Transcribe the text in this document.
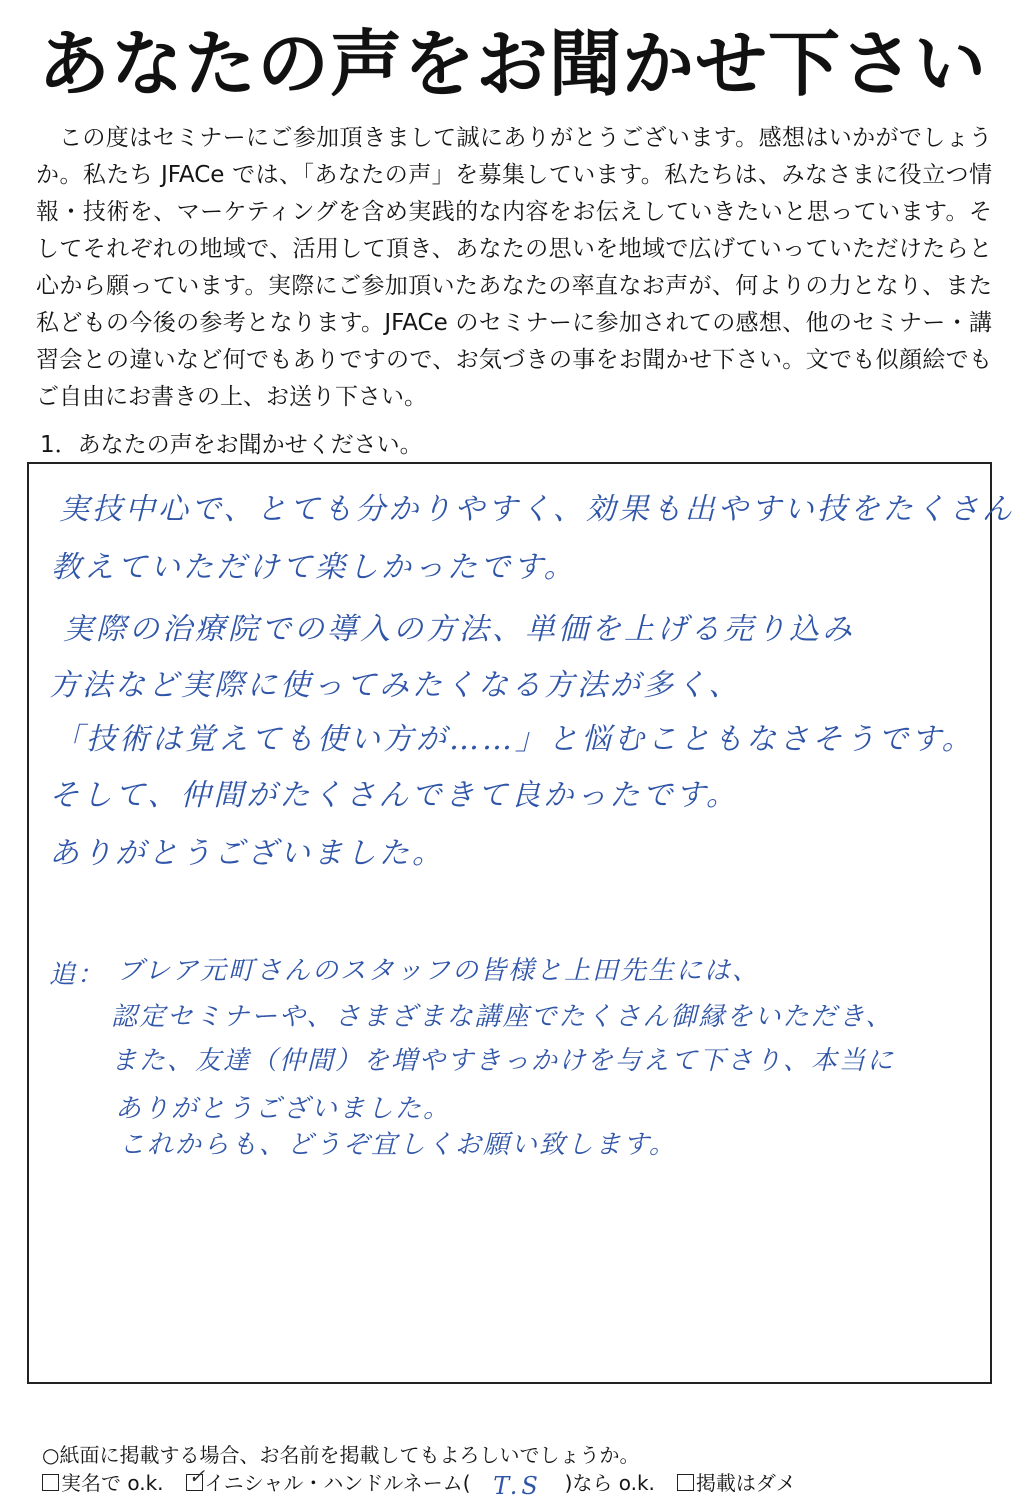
あなたの声をお聞かせ下さい
この度はセミナーにご参加頂きまして誠にありがとうございます。感想はいかがでしょうか。私たち JFACe では、「あなたの声」を募集しています。私たちは、みなさまに役立つ情報・技術を、マーケティングを含め実践的な内容をお伝えしていきたいと思っています。そしてそれぞれの地域で、活用して頂き、あなたの思いを地域で広げていっていただけたらと心から願っています。実際にご参加頂いたあなたの率直なお声が、何よりの力となり、また私どもの今後の参考となります。JFACe のセミナーに参加されての感想、他のセミナー・講習会との違いなど何でもありですので、お気づきの事をお聞かせ下さい。文でも似顔絵でもご自由にお書きの上、お送り下さい。
1．あなたの声をお聞かせください。
実技中心で、とても分かりやすく、効果も出やすい技をたくさん
教えていただけて楽しかったです。
実際の治療院での導入の方法、単価を上げる売り込み
方法など実際に使ってみたくなる方法が多く、
「技術は覚えても使い方が……」と悩むこともなさそうです。
そして、仲間がたくさんできて良かったです。
ありがとうございました。
追： ブレア元町さんのスタッフの皆様と上田先生には、
認定セミナーや、さまざまな講座でたくさん御縁をいただき、
また、友達（仲間）を増やすきっかけを与えて下さり、本当に
ありがとうございました。
これからも、どうぞ宜しくお願い致します。
○紙面に掲載する場合、お名前を掲載してもよろしいでしょうか。
実名で o.k. ✓ イニシャル・ハンドルネーム( T.S )なら o.k. 掲載はダメ
